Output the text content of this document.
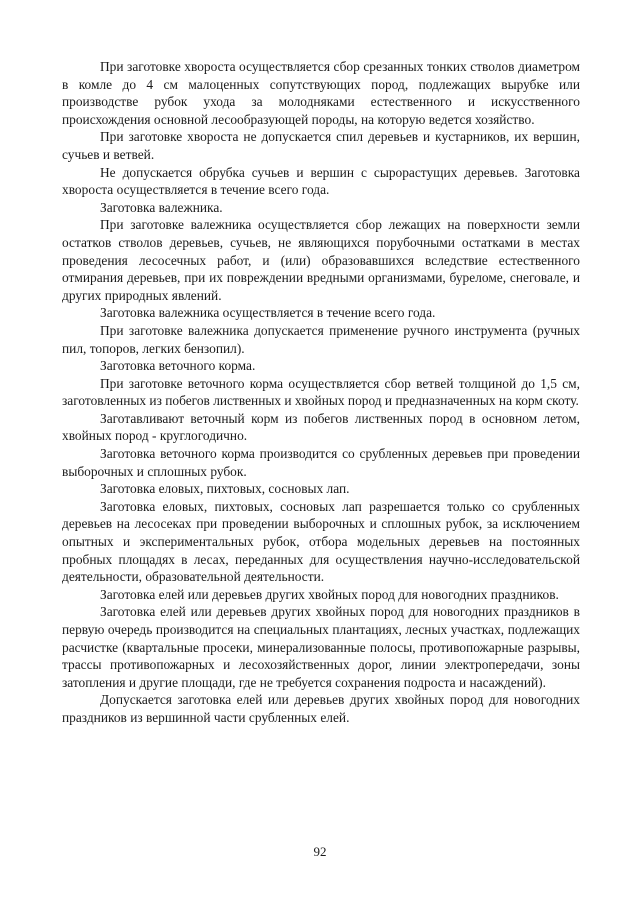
При заготовке хвороста осуществляется сбор срезанных тонких стволов диаметром в комле до 4 см малоценных сопутствующих пород, подлежащих вырубке или производстве рубок ухода за молодняками естественного и искусственного происхождения основной лесообразующей породы, на которую ведется хозяйство.

При заготовке хвороста не допускается спил деревьев и кустарников, их вершин, сучьев и ветвей.

Не допускается обрубка сучьев и вершин с сырорастущих деревьев. Заготовка хвороста осуществляется в течение всего года.

Заготовка валежника.

При заготовке валежника осуществляется сбор лежащих на поверхности земли остатков стволов деревьев, сучьев, не являющихся порубочными остатками в местах проведения лесосечных работ, и (или) образовавшихся вследствие естественного отмирания деревьев, при их повреждении вредными организмами, буреломе, снеговале, и других природных явлений.

Заготовка валежника осуществляется в течение всего года.

При заготовке валежника допускается применение ручного инструмента (ручных пил, топоров, легких бензопил).

Заготовка веточного корма.

При заготовке веточного корма осуществляется сбор ветвей толщиной до 1,5 см, заготовленных из побегов лиственных и хвойных пород и предназначенных на корм скоту.

Заготавливают веточный корм из побегов лиственных пород в основном летом, хвойных пород - круглогодично.

Заготовка веточного корма производится со срубленных деревьев при проведении выборочных и сплошных рубок.

Заготовка еловых, пихтовых, сосновых лап.

Заготовка еловых, пихтовых, сосновых лап разрешается только со срубленных деревьев на лесосеках при проведении выборочных и сплошных рубок, за исключением опытных и экспериментальных рубок, отбора модельных деревьев на постоянных пробных площадях в лесах, переданных для осуществления научно-исследовательской деятельности, образовательной деятельности.

Заготовка елей или деревьев других хвойных пород для новогодних праздников.

Заготовка елей или деревьев других хвойных пород для новогодних праздников в первую очередь производится на специальных плантациях, лесных участках, подлежащих расчистке (квартальные просеки, минерализованные полосы, противопожарные разрывы, трассы противопожарных и лесохозяйственных дорог, линии электропередачи, зоны затопления и другие площади, где не требуется сохранения подроста и насаждений).

Допускается заготовка елей или деревьев других хвойных пород для новогодних праздников из вершинной части срубленных елей.

92
